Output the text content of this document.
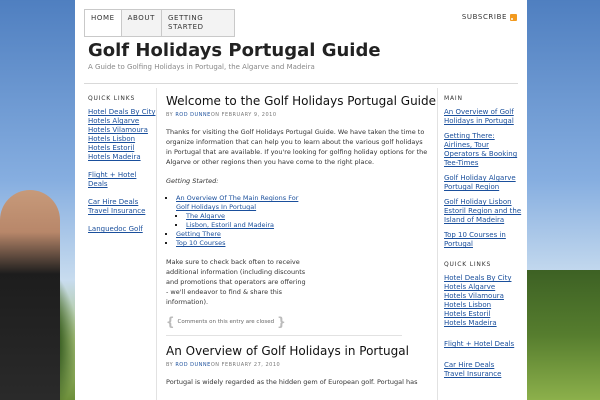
HOME	ABOUT	GETTING STARTED
SUBSCRIBE
Golf Holidays Portugal Guide
A Guide to Golfing Holidays in Portugal, the Algarve and Madeira
QUICK LINKS
Hotel Deals By City
Hotels Algarve
Hotels Vilamoura
Hotels Lisbon
Hotels Estoril
Hotels Madeira
Flight + Hotel Deals
Car Hire Deals
Travel Insurance
Languedoc Golf
Welcome to the Golf Holidays Portugal Guide
BY ROD DUNNEON FEBRUARY 9, 2010
Thanks for visiting the Golf Holidays Portugal Guide. We have taken the time to organize information that can help you to learn about the various golf holidays in Portugal that are available. If you're looking for golfing holiday options for the Algarve or other regions then you have come to the right place.
Getting Started:
▪ An Overview Of The Main Regions For Golf Holidays In Portugal
▪ The Algarve
▪ Lisbon, Estoril and Madeira
▪ Getting There
▪ Top 10 Courses
Make sure to check back often to receive additional information (including discounts and promotions that operators are offering - we'll endeavor to find & share this information).
{ Comments on this entry are closed }
An Overview of Golf Holidays in Portugal
BY ROD DUNNEON FEBRUARY 27, 2010
Portugal is widely regarded as the hidden gem of European golf. Portugal has
MAIN
An Overview of Golf Holidays in Portugal
Getting There: Airlines, Tour Operators & Booking Tee-Times
Golf Holiday Algarve Portugal Region
Golf Holiday Lisbon Estoril Region and the Island of Madeira
Top 10 Courses in Portugal
QUICK LINKS
Hotel Deals By City
Hotels Algarve
Hotels Vilamoura
Hotels Lisbon
Hotels Estoril
Hotels Madeira
Flight + Hotel Deals
Car Hire Deals
Travel Insurance
